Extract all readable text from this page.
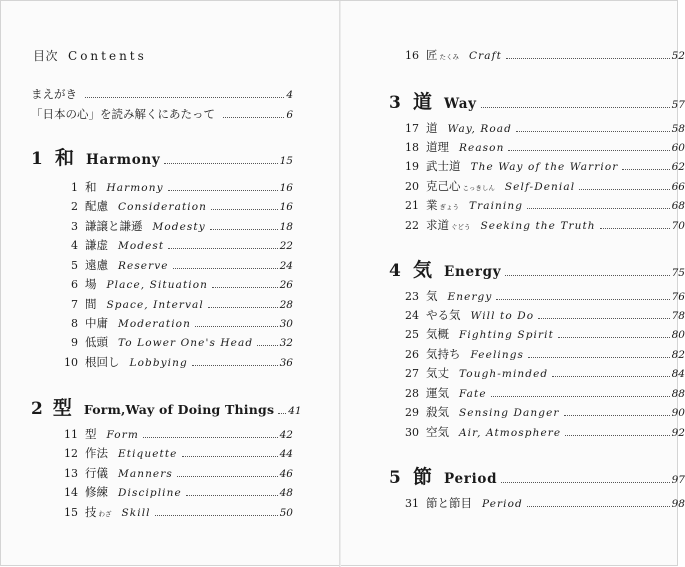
目次 Contents
まえがき	4
「日本の心」を読み解くにあたって	6
1 和 Harmony	15
1 和 Harmony	16
2 配慮 Consideration	16
3 謙譲と謙遜 Modesty	18
4 謙虚 Modest	22
5 遠慮 Reserve	24
6 場 Place, Situation	26
7 間 Space, Interval	28
8 中庸 Moderation	30
9 低頭 To Lower One's Head	32
10 根回し Lobbying	36
2 型 Form,Way of Doing Things 41
11 型 Form	42
12 作法 Etiquette	44
13 行儀 Manners	46
14 修練 Discipline	48
15 技 わざ Skill	50
16 匠 たくみ Craft	52
3 道 Way	57
17 道 Way, Road	58
18 道理 Reason	60
19 武士道 The Way of the Warrior	62
20 克己心 こっきしん Self-Denial	66
21 業 ぎょう Training	68
22 求道 ぐどう Seeking the Truth	70
4 気 Energy	75
23 気 Energy	76
24 やる気 Will to Do	78
25 気概 Fighting Spirit	80
26 気持ち Feelings	82
27 気丈 Tough-minded	84
28 運気 Fate	88
29 殺気 Sensing Danger	90
30 空気 Air, Atmosphere	92
5 節 Period	97
31 節と節目 Period	98
